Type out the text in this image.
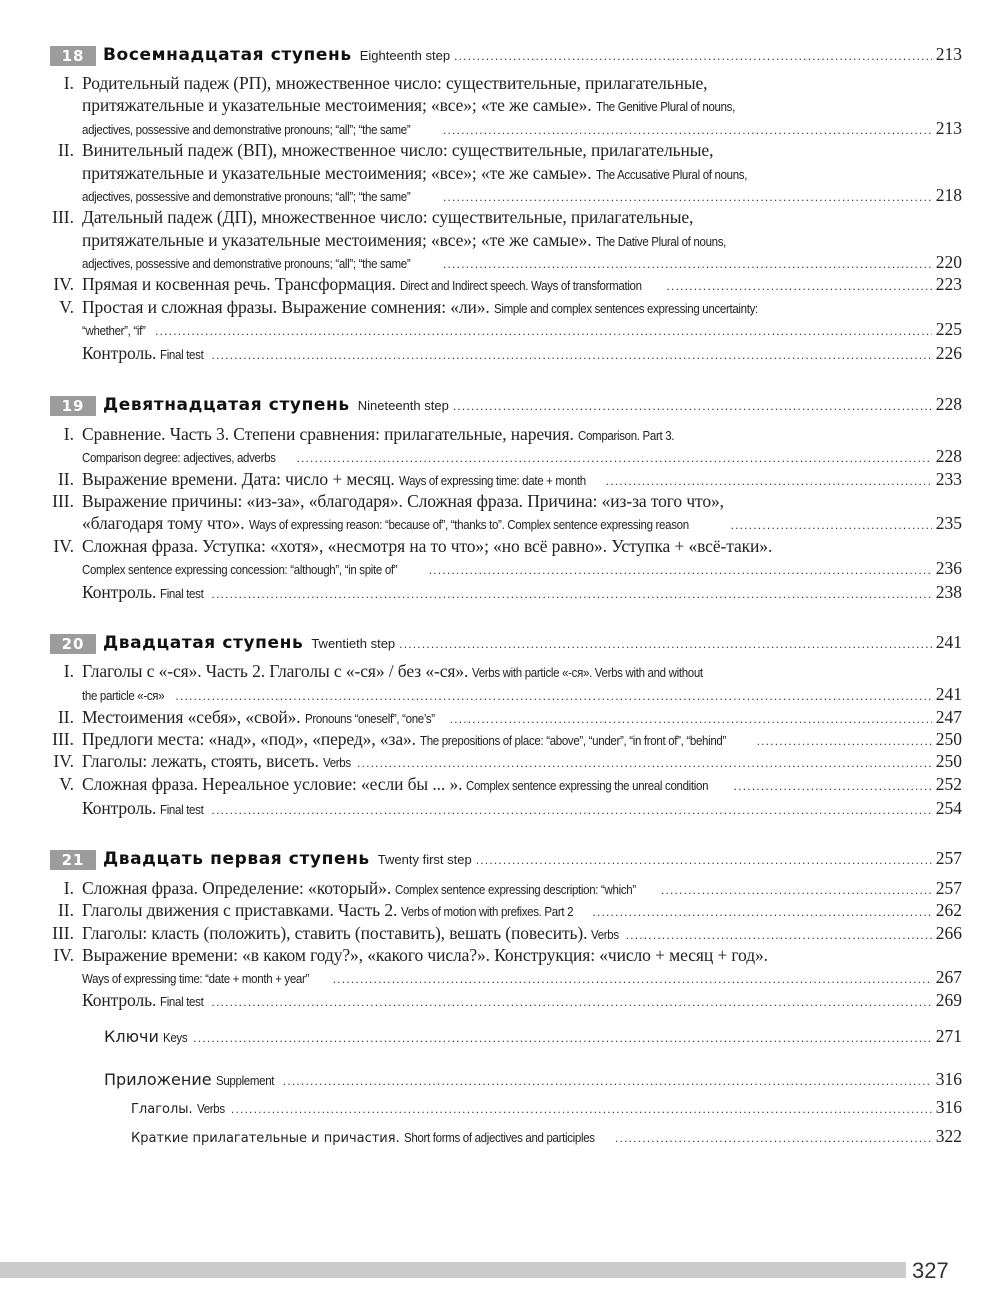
18	Восемнадцатая ступень Eighteenth step .....	213
I. Родительный падеж (РП), множественное число: существительные, прилагательные,
притяжательные и указательные местоимения; «все»; «те же самые».
The Genitive Plural of nouns,
adjectives, possessive and demonstrative pronouns; “all”; “the same” .....	213
II. Винительный падеж (ВП), множественное число: существительные, прилагательные,
притяжательные и указательные местоимения; «все»; «те же самые».
The Accusative Plural of nouns,
adjectives, possessive and demonstrative pronouns; “all”; “the same” .....	218
III. Дательный падеж (ДП), множественное число: существительные, прилагательные,
притяжательные и указательные местоимения; «все»; «те же самые».
The Dative Plural of nouns,
adjectives, possessive and demonstrative pronouns; “all”; “the same” .....	220
IV. Прямая и косвенная речь. Трансформация.
Direct and Indirect speech. Ways of transformation .....	223
V. Простая и сложная фразы. Выражение сомнения: «ли».
Simple and complex sentences expressing uncertainty:
“whether”, “if” .....	225
Контроль.
Final test .....	226
19	Девятнадцатая ступень Nineteenth step .....	228
I. Сравнение. Часть 3. Степени сравнения: прилагательные, наречия.
Comparison. Part 3.
Comparison degree: adjectives, adverbs .....	228
II. Выражение времени. Дата: число + месяц.
Ways of expressing time: date + month .....	233
III. Выражение причины: «из-за», «благодаря». Сложная фраза. Причина: «из-за того что»,
«благодаря тому что».
Ways of expressing reason: “because of”, “thanks to”. Complex sentence expressing reason .....	235
IV. Сложная фраза. Уступка: «хотя», «несмотря на то что»; «но всё равно». Уступка + «всё-таки».
Complex sentence expressing concession: “although”, “in spite of” .....	236
Контроль.
Final test .....	238
20	Двадцатая ступень Twentieth step .....	241
I. Глаголы с «-ся». Часть 2. Глаголы с «-ся» / без «-ся».
Verbs with particle «-ся». Verbs with and without
the particle «-ся» .....	241
II. Местоимения «себя», «свой».
Pronouns “oneself”, “one’s” .....	247
III. Предлоги места: «над», «под», «перед», «за».
The prepositions of place: “above”, “under”, “in front of”, “behind” .....	250
IV. Глаголы: лежать, стоять, висеть.
Verbs .....	250
V. Сложная фраза. Нереальное условие: «если бы ... ».
Complex sentence expressing the unreal condition .....	252
Контроль.
Final test .....	254
21	Двадцать первая ступень Twenty first step .....	257
I. Сложная фраза. Определение: «который».
Complex sentence expressing description: “which” .....	257
II. Глаголы движения с приставками. Часть 2.
Verbs of motion with prefixes. Part 2 .....	262
III. Глаголы: класть (положить), ставить (поставить), вешать (повесить).
Verbs .....	266
IV. Выражение времени: «в каком году?», «какого числа?». Конструкция: «число + месяц + год».
Ways of expressing time: “date + month + year” .....	267
Контроль.
Final test .....	269
Ключи
Keys .....	271
Приложение
Supplement .....	316
Глаголы.
Verbs .....	316
Краткие прилагательные и причастия.
Short forms of adjectives and participles .....	322
327
